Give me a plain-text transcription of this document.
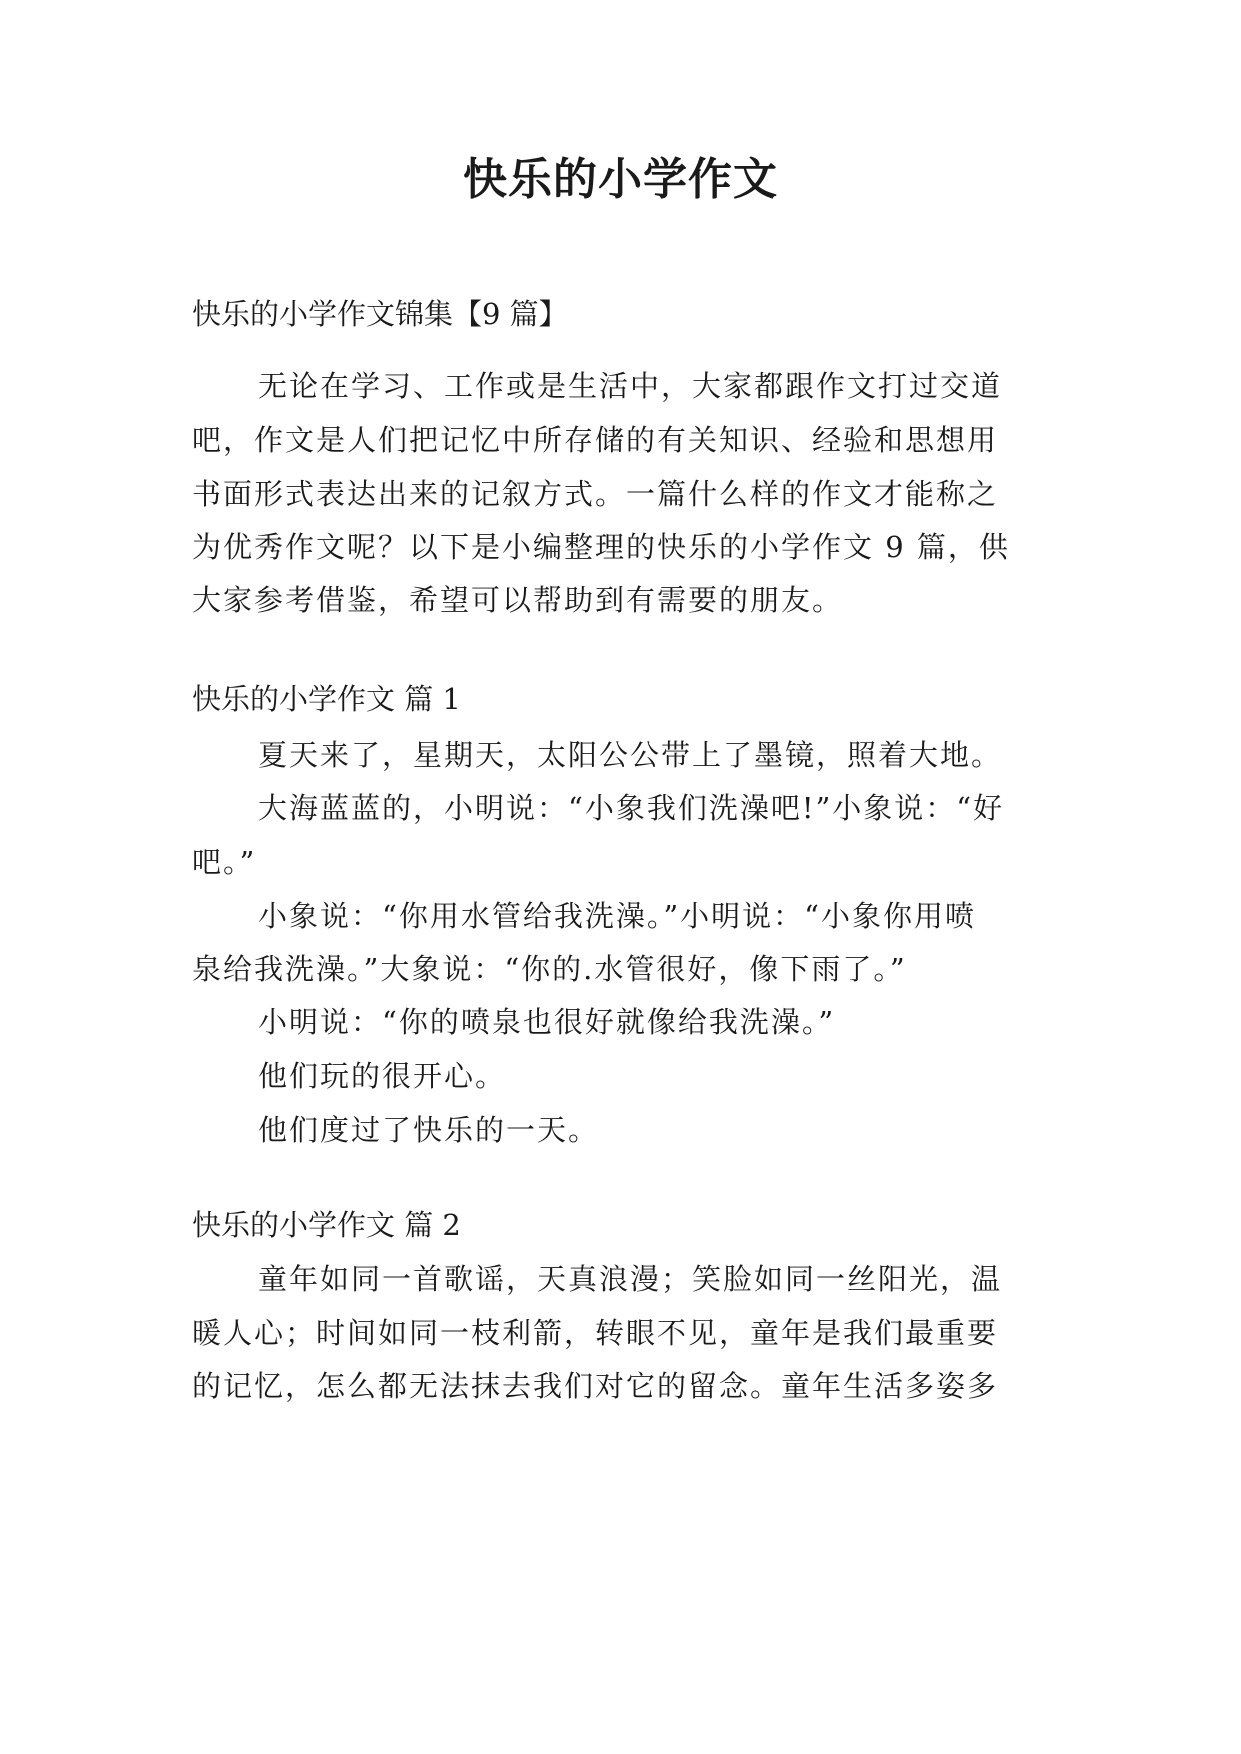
快乐的小学作文

快乐的小学作文锦集【9 篇】

无论在学习、工作或是生活中，大家都跟作文打过交道

吧，作文是人们把记忆中所存储的有关知识、经验和思想用

书面形式表达出来的记叙方式。一篇什么样的作文才能称之

为优秀作文呢？以下是小编整理的快乐的小学作文 9 篇，供

大家参考借鉴，希望可以帮助到有需要的朋友。

快乐的小学作文 篇 1

夏天来了，星期天，太阳公公带上了墨镜，照着大地。

大海蓝蓝的，小明说：“小象我们洗澡吧!”小象说：“好

吧。”

小象说：“你用水管给我洗澡。”小明说：“小象你用喷

泉给我洗澡。”大象说：“你的.水管很好，像下雨了。”

小明说：“你的喷泉也很好就像给我洗澡。”

他们玩的很开心。

他们度过了快乐的一天。

快乐的小学作文 篇 2

童年如同一首歌谣，天真浪漫；笑脸如同一丝阳光，温

暖人心；时间如同一枝利箭，转眼不见，童年是我们最重要

的记忆，怎么都无法抹去我们对它的留念。童年生活多姿多
